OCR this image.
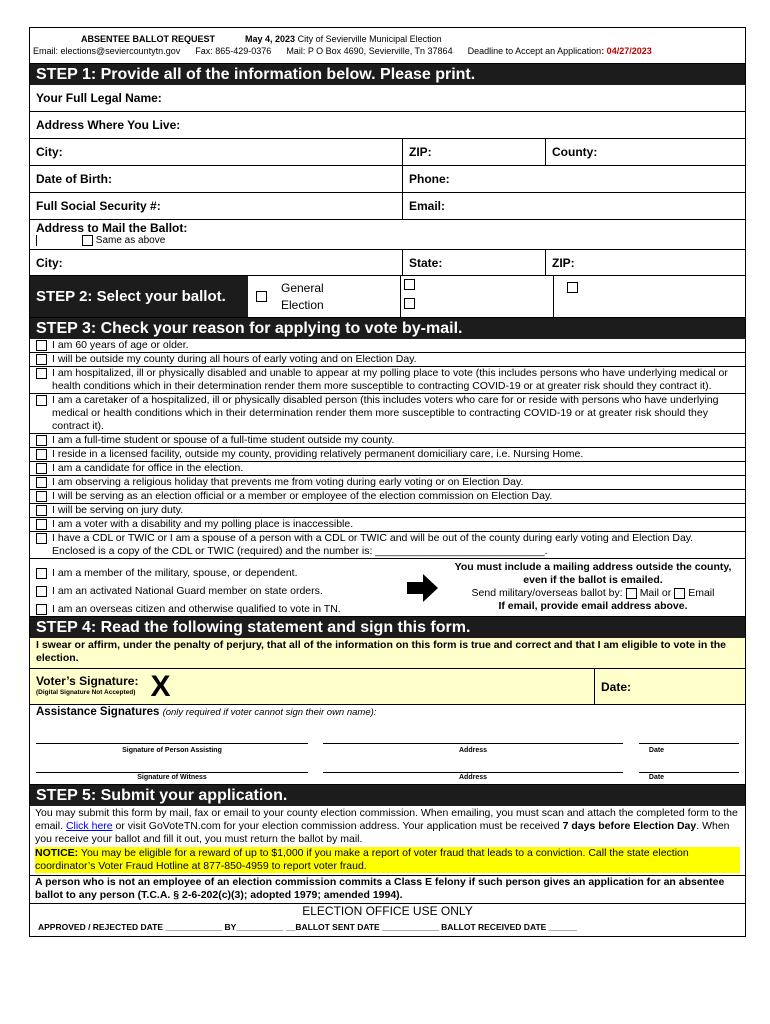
ABSENTEE BALLOT REQUEST	May 4, 2023 City of Sevierville Municipal Election
Email: elections@seviercountytn.gov Fax: 865-429-0376 Mail: P O Box 4690, Sevierville, Tn 37864 Deadline to Accept an Application: 04/27/2023
STEP 1: Provide all of the information below. Please print.
Your Full Legal Name:
Address Where You Live:
City:	ZIP:	County:
Date of Birth:	Phone:
Full Social Security #:	Email:
Address to Mail the Ballot:

Same as above
City:	State:	ZIP:
STEP 2: Select your ballot.
General Election
STEP 3: Check your reason for applying to vote by-mail.
I am 60 years of age or older.
I will be outside my county during all hours of early voting and on Election Day.
I am hospitalized, ill or physically disabled and unable to appear at my polling place to vote (this includes persons who have underlying medical or health conditions which in their determination render them more susceptible to contracting COVID-19 or at greater risk should they contract it).
I am a caretaker of a hospitalized, ill or physically disabled person (this includes voters who care for or reside with persons who have underlying medical or health conditions which in their determination render them more susceptible to contracting COVID-19 or at greater risk should they contract it).
I am a full-time student or spouse of a full-time student outside my county.
I reside in a licensed facility, outside my county, providing relatively permanent domiciliary care, i.e. Nursing Home.
I am a candidate for office in the election.
I am observing a religious holiday that prevents me from voting during early voting or on Election Day.
I will be serving as an election official or a member or employee of the election commission on Election Day.
I will be serving on jury duty.
I am a voter with a disability and my polling place is inaccessible.
I have a CDL or TWIC or I am a spouse of a person with a CDL or TWIC and will be out of the county during early voting and Election Day. Enclosed is a copy of the CDL or TWIC (required) and the number is: _____________________________.
I am a member of the military, spouse, or dependent.
I am an activated National Guard member on state orders.
I am an overseas citizen and otherwise qualified to vote in TN.
You must include a mailing address outside the county, even if the ballot is emailed.
Send military/overseas ballot by: Mail or Email
If email, provide email address above.
STEP 4: Read the following statement and sign this form.
I swear or affirm, under the penalty of perjury, that all of the information on this form is true and correct and that I am eligible to vote in the election.
Voter’s Signature:
(Digital Signature Not Accepted) X	Date:
Assistance Signatures (only required if voter cannot sign their own name):
Signature of Person Assisting	Address	Date
Signature of Witness	Address	Date
STEP 5: Submit your application.
You may submit this form by mail, fax or email to your county election commission. When emailing, you must scan and attach the completed form to the email. Click here or visit GoVoteTN.com for your election commission address. Your application must be received 7 days before Election Day. When you receive your ballot and fill it out, you must return the ballot by mail.
NOTICE: You may be eligible for a reward of up to $1,000 if you make a report of voter fraud that leads to a conviction. Call the state election coordinator’s Voter Fraud Hotline at 877-850-4959 to report voter fraud.
A person who is not an employee of an election commission commits a Class E felony if such person gives an application for an absentee ballot to any person (T.C.A. § 2-6-202(c)(3); adopted 1979; amended 1994).
ELECTION OFFICE USE ONLY
APPROVED / REJECTED DATE ____________ BY__________ __BALLOT SENT DATE ____________ BALLOT RECEIVED DATE ______
